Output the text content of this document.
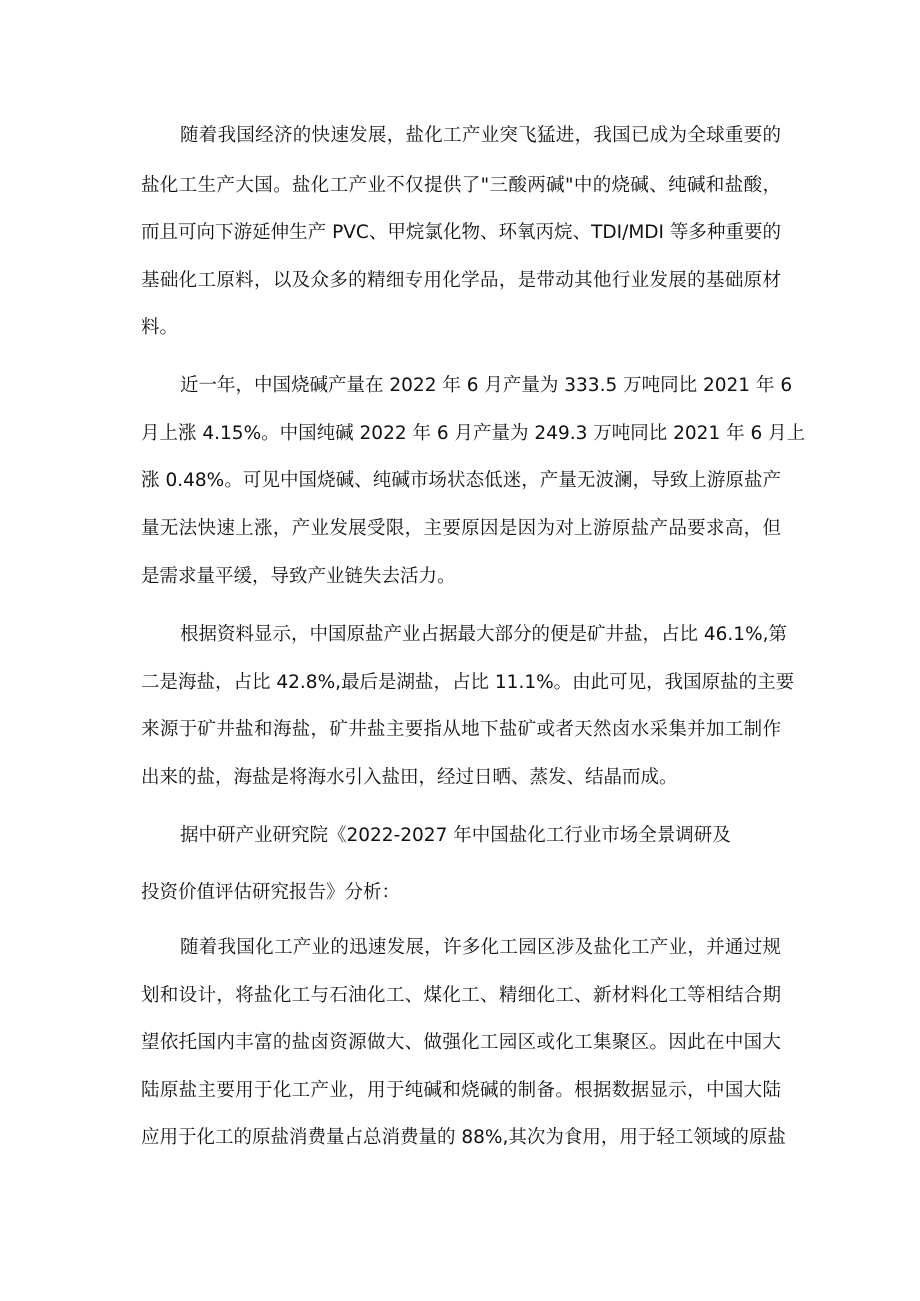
随着我国经济的快速发展，盐化工产业突飞猛进，我国已成为全球重要的
盐化工生产大国。盐化工产业不仅提供了"三酸两碱"中的烧碱、纯碱和盐酸，
而且可向下游延伸生产 PVC、甲烷氯化物、环氧丙烷、TDI/MDI 等多种重要的
基础化工原料，以及众多的精细专用化学品，是带动其他行业发展的基础原材
料。
近一年，中国烧碱产量在 2022 年 6 月产量为 333.5 万吨同比 2021 年 6
月上涨 4.15%。中国纯碱 2022 年 6 月产量为 249.3 万吨同比 2021 年 6 月上
涨 0.48%。可见中国烧碱、纯碱市场状态低迷，产量无波澜，导致上游原盐产
量无法快速上涨，产业发展受限，主要原因是因为对上游原盐产品要求高，但
是需求量平缓，导致产业链失去活力。
根据资料显示，中国原盐产业占据最大部分的便是矿井盐，占比 46.1%,第
二是海盐，占比 42.8%,最后是湖盐，占比 11.1%。由此可见，我国原盐的主要
来源于矿井盐和海盐，矿井盐主要指从地下盐矿或者天然卤水采集并加工制作
出来的盐，海盐是将海水引入盐田，经过日晒、蒸发、结晶而成。
据中研产业研究院《2022-2027 年中国盐化工行业市场全景调研及
投资价值评估研究报告》分析：
随着我国化工产业的迅速发展，许多化工园区涉及盐化工产业，并通过规
划和设计，将盐化工与石油化工、煤化工、精细化工、新材料化工等相结合期
望依托国内丰富的盐卤资源做大、做强化工园区或化工集聚区。因此在中国大
陆原盐主要用于化工产业，用于纯碱和烧碱的制备。根据数据显示，中国大陆
应用于化工的原盐消费量占总消费量的 88%,其次为食用，用于轻工领域的原盐
